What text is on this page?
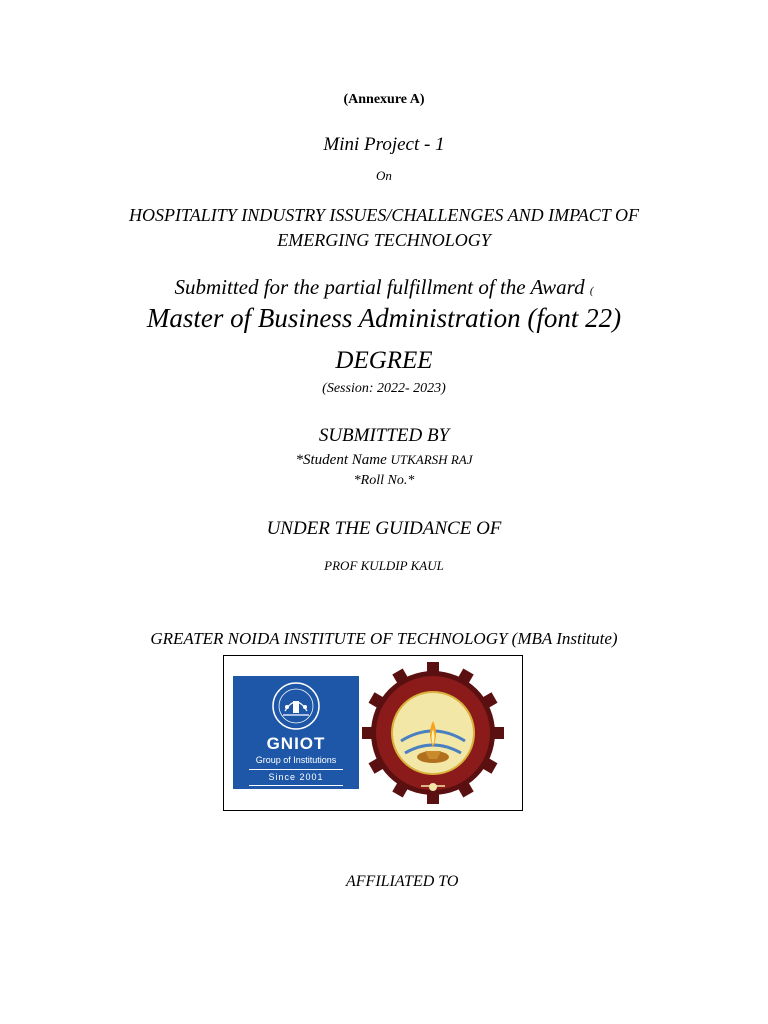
(Annexure A)
Mini Project - 1
On
HOSPITALITY INDUSTRY ISSUES/CHALLENGES AND IMPACT OF
EMERGING TECHNOLOGY
Submitted for the partial fulfillment of the Award (
Master of Business Administration (font 22)
DEGREE
(Session: 2022- 2023)
SUBMITTED BY
*Student Name UTKARSH RAJ
*Roll No.*
UNDER THE GUIDANCE OF
PROF KULDIP KAUL
GREATER NOIDA INSTITUTE OF TECHNOLOGY (MBA Institute)
GNIOT
Group of Institutions
Since 2001
AFFILIATED TO
